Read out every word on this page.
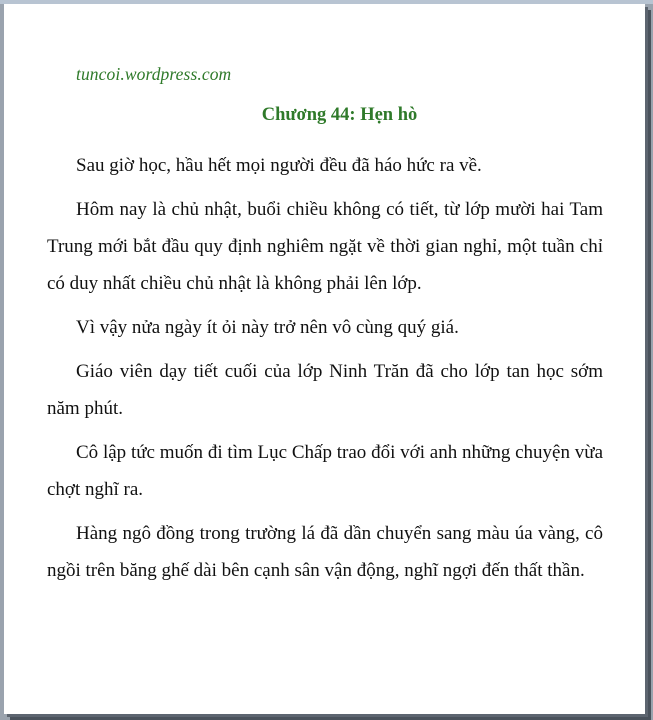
tuncoi.wordpress.com
Chương 44: Hẹn hò

Sau giờ học, hầu hết mọi người đều đã háo hức ra về.

Hôm nay là chủ nhật, buổi chiều không có tiết, từ lớp mười hai Tam Trung mới bắt đầu quy định nghiêm ngặt về thời gian nghỉ, một tuần chỉ có duy nhất chiều chủ nhật là không phải lên lớp.

Vì vậy nửa ngày ít ỏi này trở nên vô cùng quý giá.

Giáo viên dạy tiết cuối của lớp Ninh Trăn đã cho lớp tan học sớm năm phút.

Cô lập tức muốn đi tìm Lục Chấp trao đổi với anh những chuyện vừa chợt nghĩ ra.

Hàng ngô đồng trong trường lá đã dần chuyển sang màu úa vàng, cô ngồi trên băng ghế dài bên cạnh sân vận động, nghĩ ngợi đến thất thần.
